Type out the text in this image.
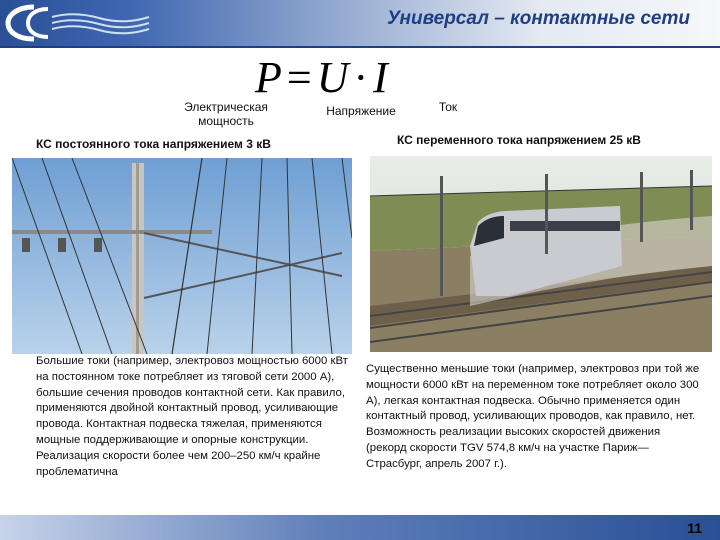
Универсал – контактные сети
P=U·I
Электрическая мощность
Напряжение	Ток
КС постоянного тока напряжением 3 кВ	КС переменного тока напряжением 25 кВ
Большие токи (например, электровоз мощностью 6000 кВт на постоянном токе потребляет из тяговой сети 2000 А), большие сечения проводов контактной сети. Как правило, применяются двойной контактный провод, усиливающие провода. Контактная подвеска тяжелая, применяются мощные поддерживающие и опорные конструкции. Реализация скорости более чем 200–250 км/ч крайне проблематична
Существенно меньшие токи (например, электровоз при той же мощности 6000 кВт на переменном токе потребляет около 300 А), легкая контактная подвеска. Обычно применяется один контактный провод, усиливающих проводов, как правило, нет. Возможность реализации высоких скоростей движения (рекорд скорости TGV 574,8 км/ч на участке Париж—Страсбург, апрель 2007 г.).
11
